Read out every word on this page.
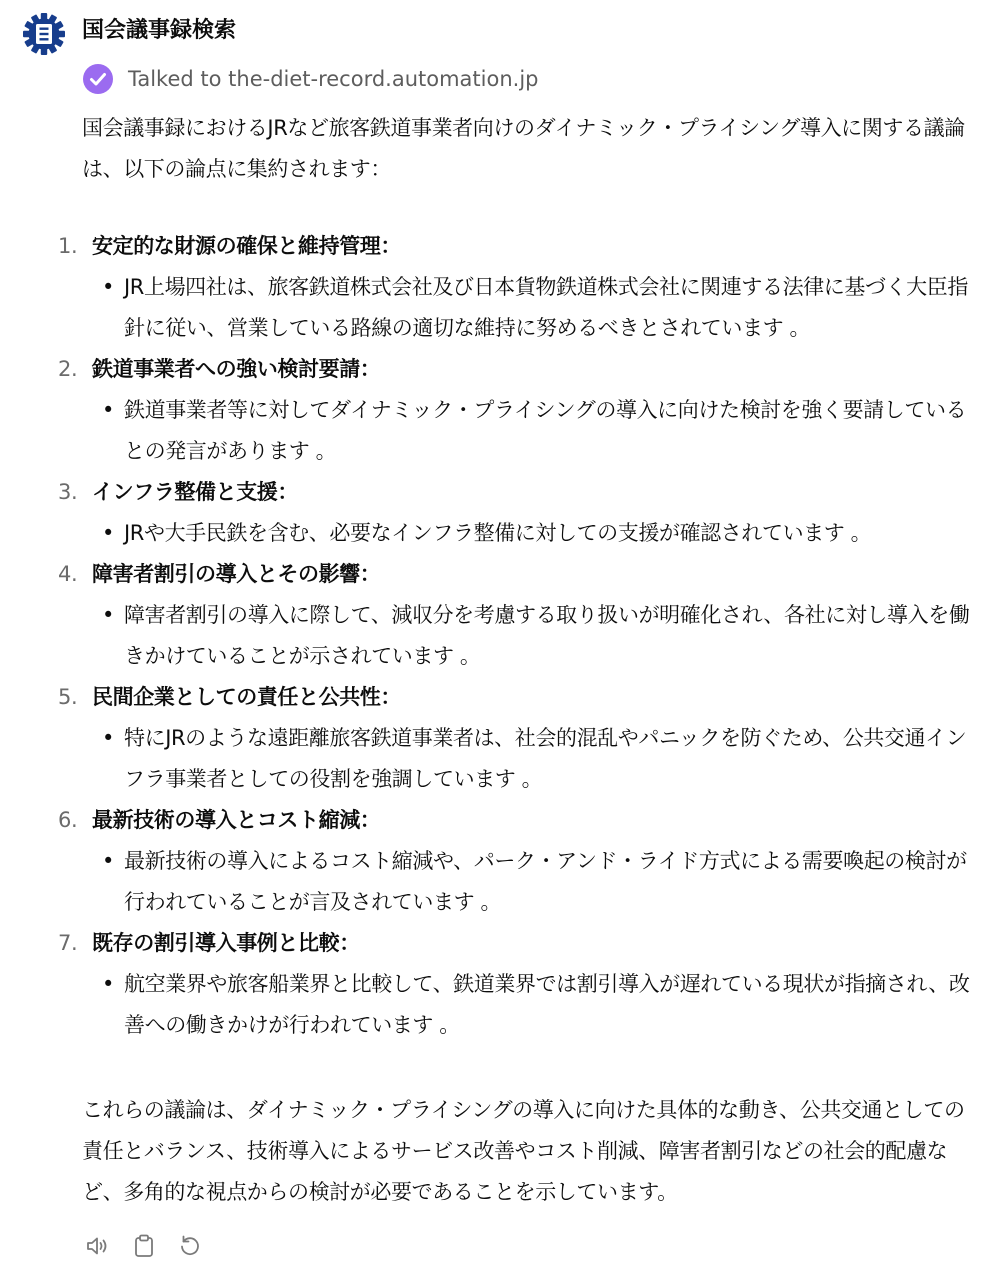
国会議事録検索
Talked to the-diet-record.automation.jp

国会議事録におけるJRなど旅客鉄道事業者向けのダイナミック・プライシング導入に関する議論は、以下の論点に集約されます：

1. 安定的な財源の確保と維持管理：
• JR上場四社は、旅客鉄道株式会社及び日本貨物鉄道株式会社に関連する法律に基づく大臣指針に従い、営業している路線の適切な維持に努めるべきとされています 。
2. 鉄道事業者への強い検討要請：
• 鉄道事業者等に対してダイナミック・プライシングの導入に向けた検討を強く要請しているとの発言があります 。
3. インフラ整備と支援：
• JRや大手民鉄を含む、必要なインフラ整備に対しての支援が確認されています 。
4. 障害者割引の導入とその影響：
• 障害者割引の導入に際して、減収分を考慮する取り扱いが明確化され、各社に対し導入を働きかけていることが示されています 。
5. 民間企業としての責任と公共性：
• 特にJRのような遠距離旅客鉄道事業者は、社会的混乱やパニックを防ぐため、公共交通インフラ事業者としての役割を強調しています 。
6. 最新技術の導入とコスト縮減：
• 最新技術の導入によるコスト縮減や、パーク・アンド・ライド方式による需要喚起の検討が行われていることが言及されています 。
7. 既存の割引導入事例と比較：
• 航空業界や旅客船業界と比較して、鉄道業界では割引導入が遅れている現状が指摘され、改善への働きかけが行われています 。

これらの議論は、ダイナミック・プライシングの導入に向けた具体的な動き、公共交通としての責任とバランス、技術導入によるサービス改善やコスト削減、障害者割引などの社会的配慮など、多角的な視点からの検討が必要であることを示しています。
